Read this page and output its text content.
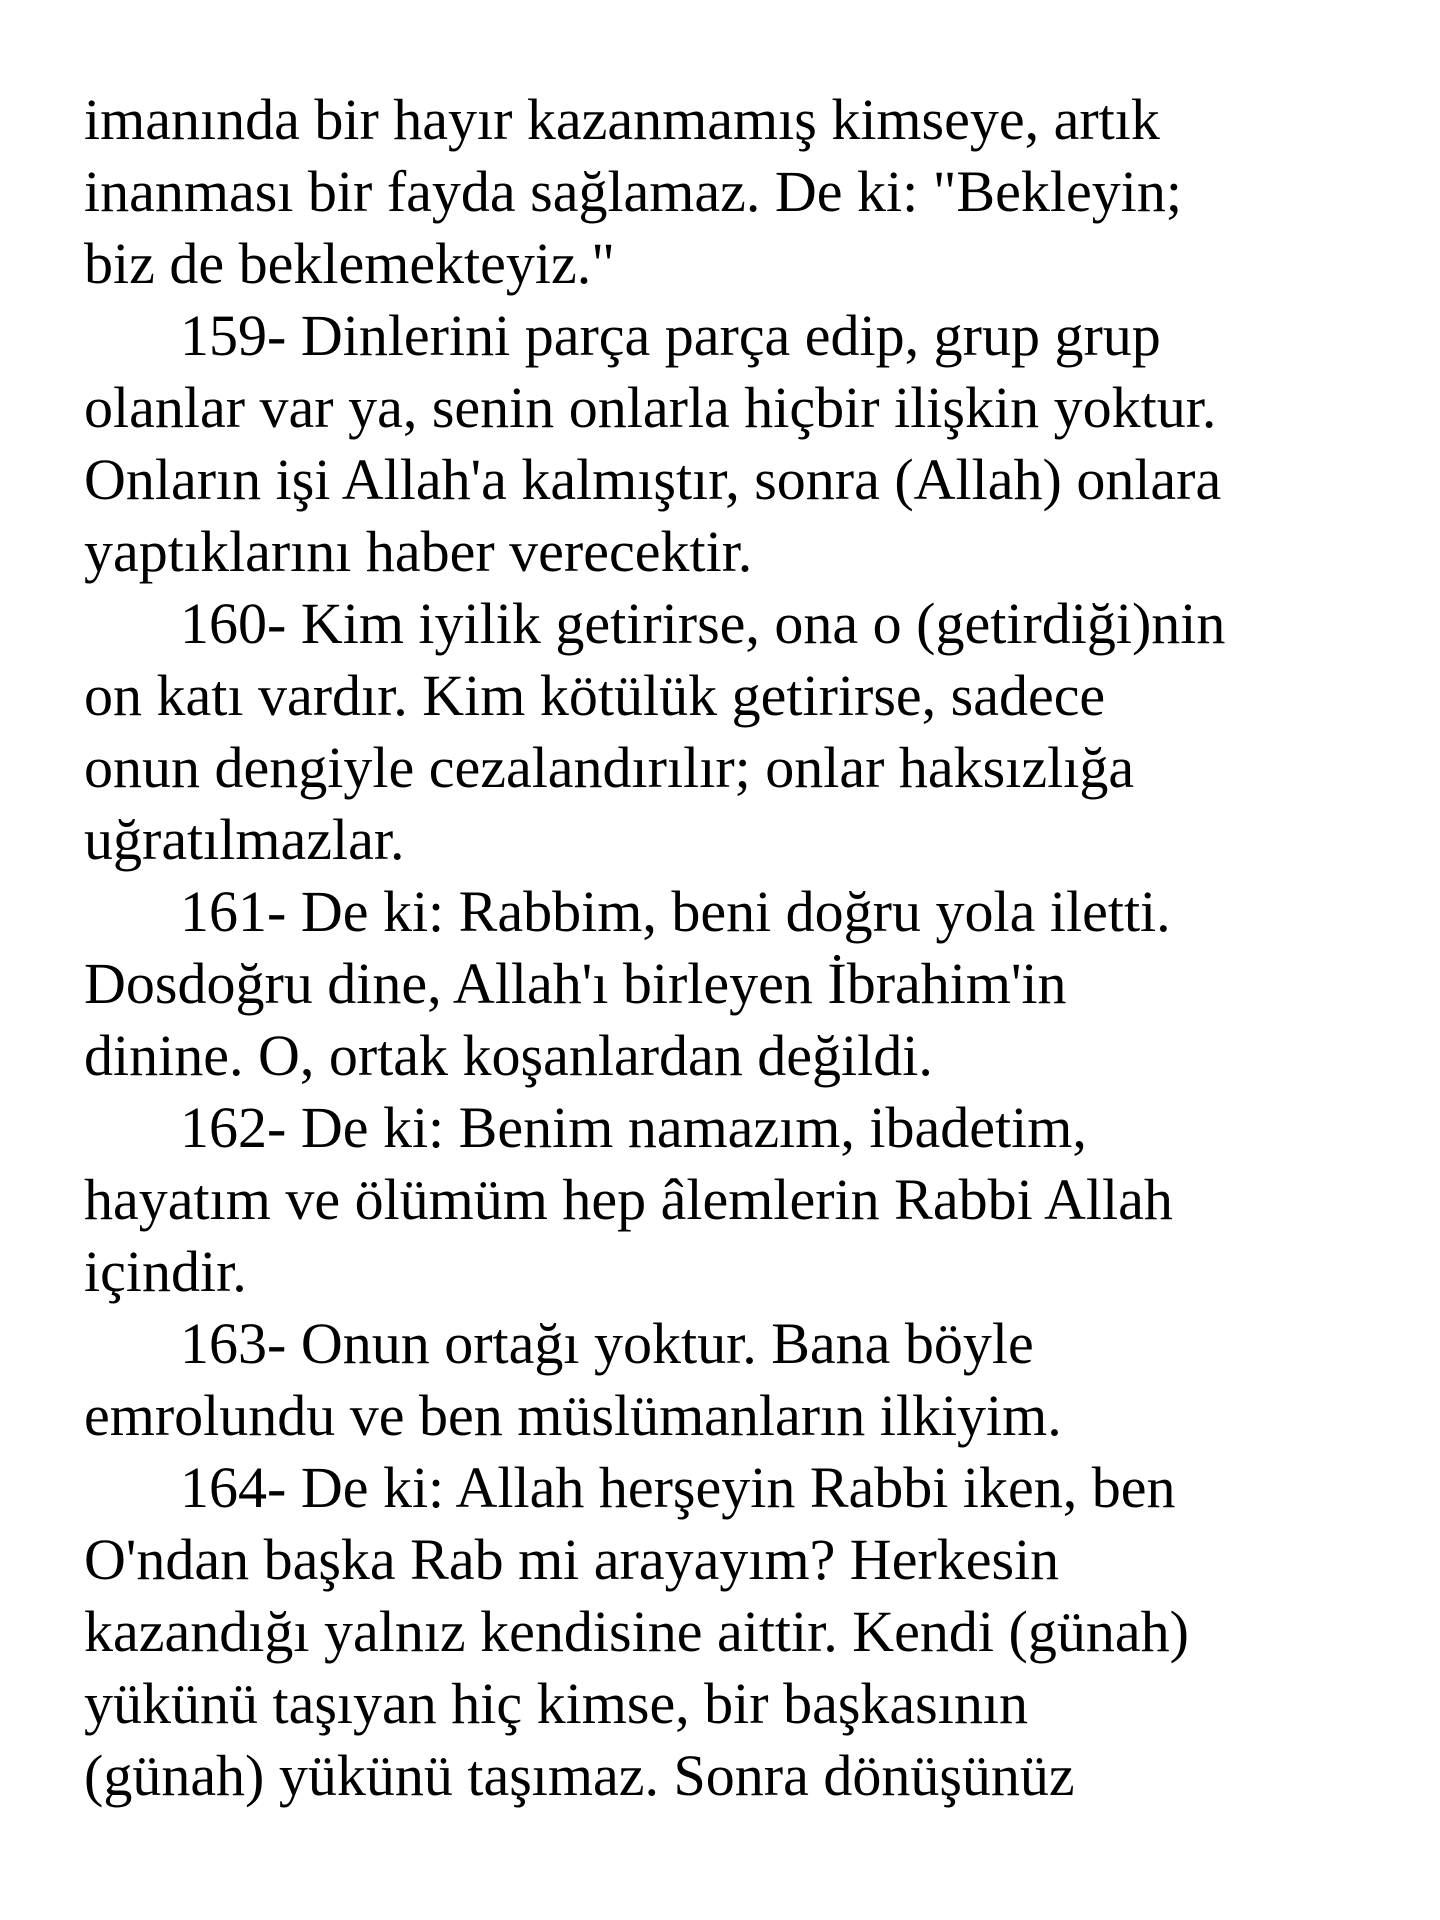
imanında bir hayır kazanmamış kimseye, artık
inanması bir fayda sağlamaz. De ki: "Bekleyin;
biz de beklemekteyiz."
159- Dinlerini parça parça edip, grup grup
olanlar var ya, senin onlarla hiçbir ilişkin yoktur.
Onların işi Allah'a kalmıştır, sonra (Allah) onlara
yaptıklarını haber verecektir.
160- Kim iyilik getirirse, ona o (getirdiği)nin
on katı vardır. Kim kötülük getirirse, sadece
onun dengiyle cezalandırılır; onlar haksızlığa
uğratılmazlar.
161- De ki: Rabbim, beni doğru yola iletti.
Dosdoğru dine, Allah'ı birleyen İbrahim'in
dinine. O, ortak koşanlardan değildi.
162- De ki: Benim namazım, ibadetim,
hayatım ve ölümüm hep âlemlerin Rabbi Allah
içindir.
163- Onun ortağı yoktur. Bana böyle
emrolundu ve ben müslümanların ilkiyim.
164- De ki: Allah herşeyin Rabbi iken, ben
O'ndan başka Rab mi arayayım? Herkesin
kazandığı yalnız kendisine aittir. Kendi (günah)
yükünü taşıyan hiç kimse, bir başkasının
(günah) yükünü taşımaz. Sonra dönüşünüz
